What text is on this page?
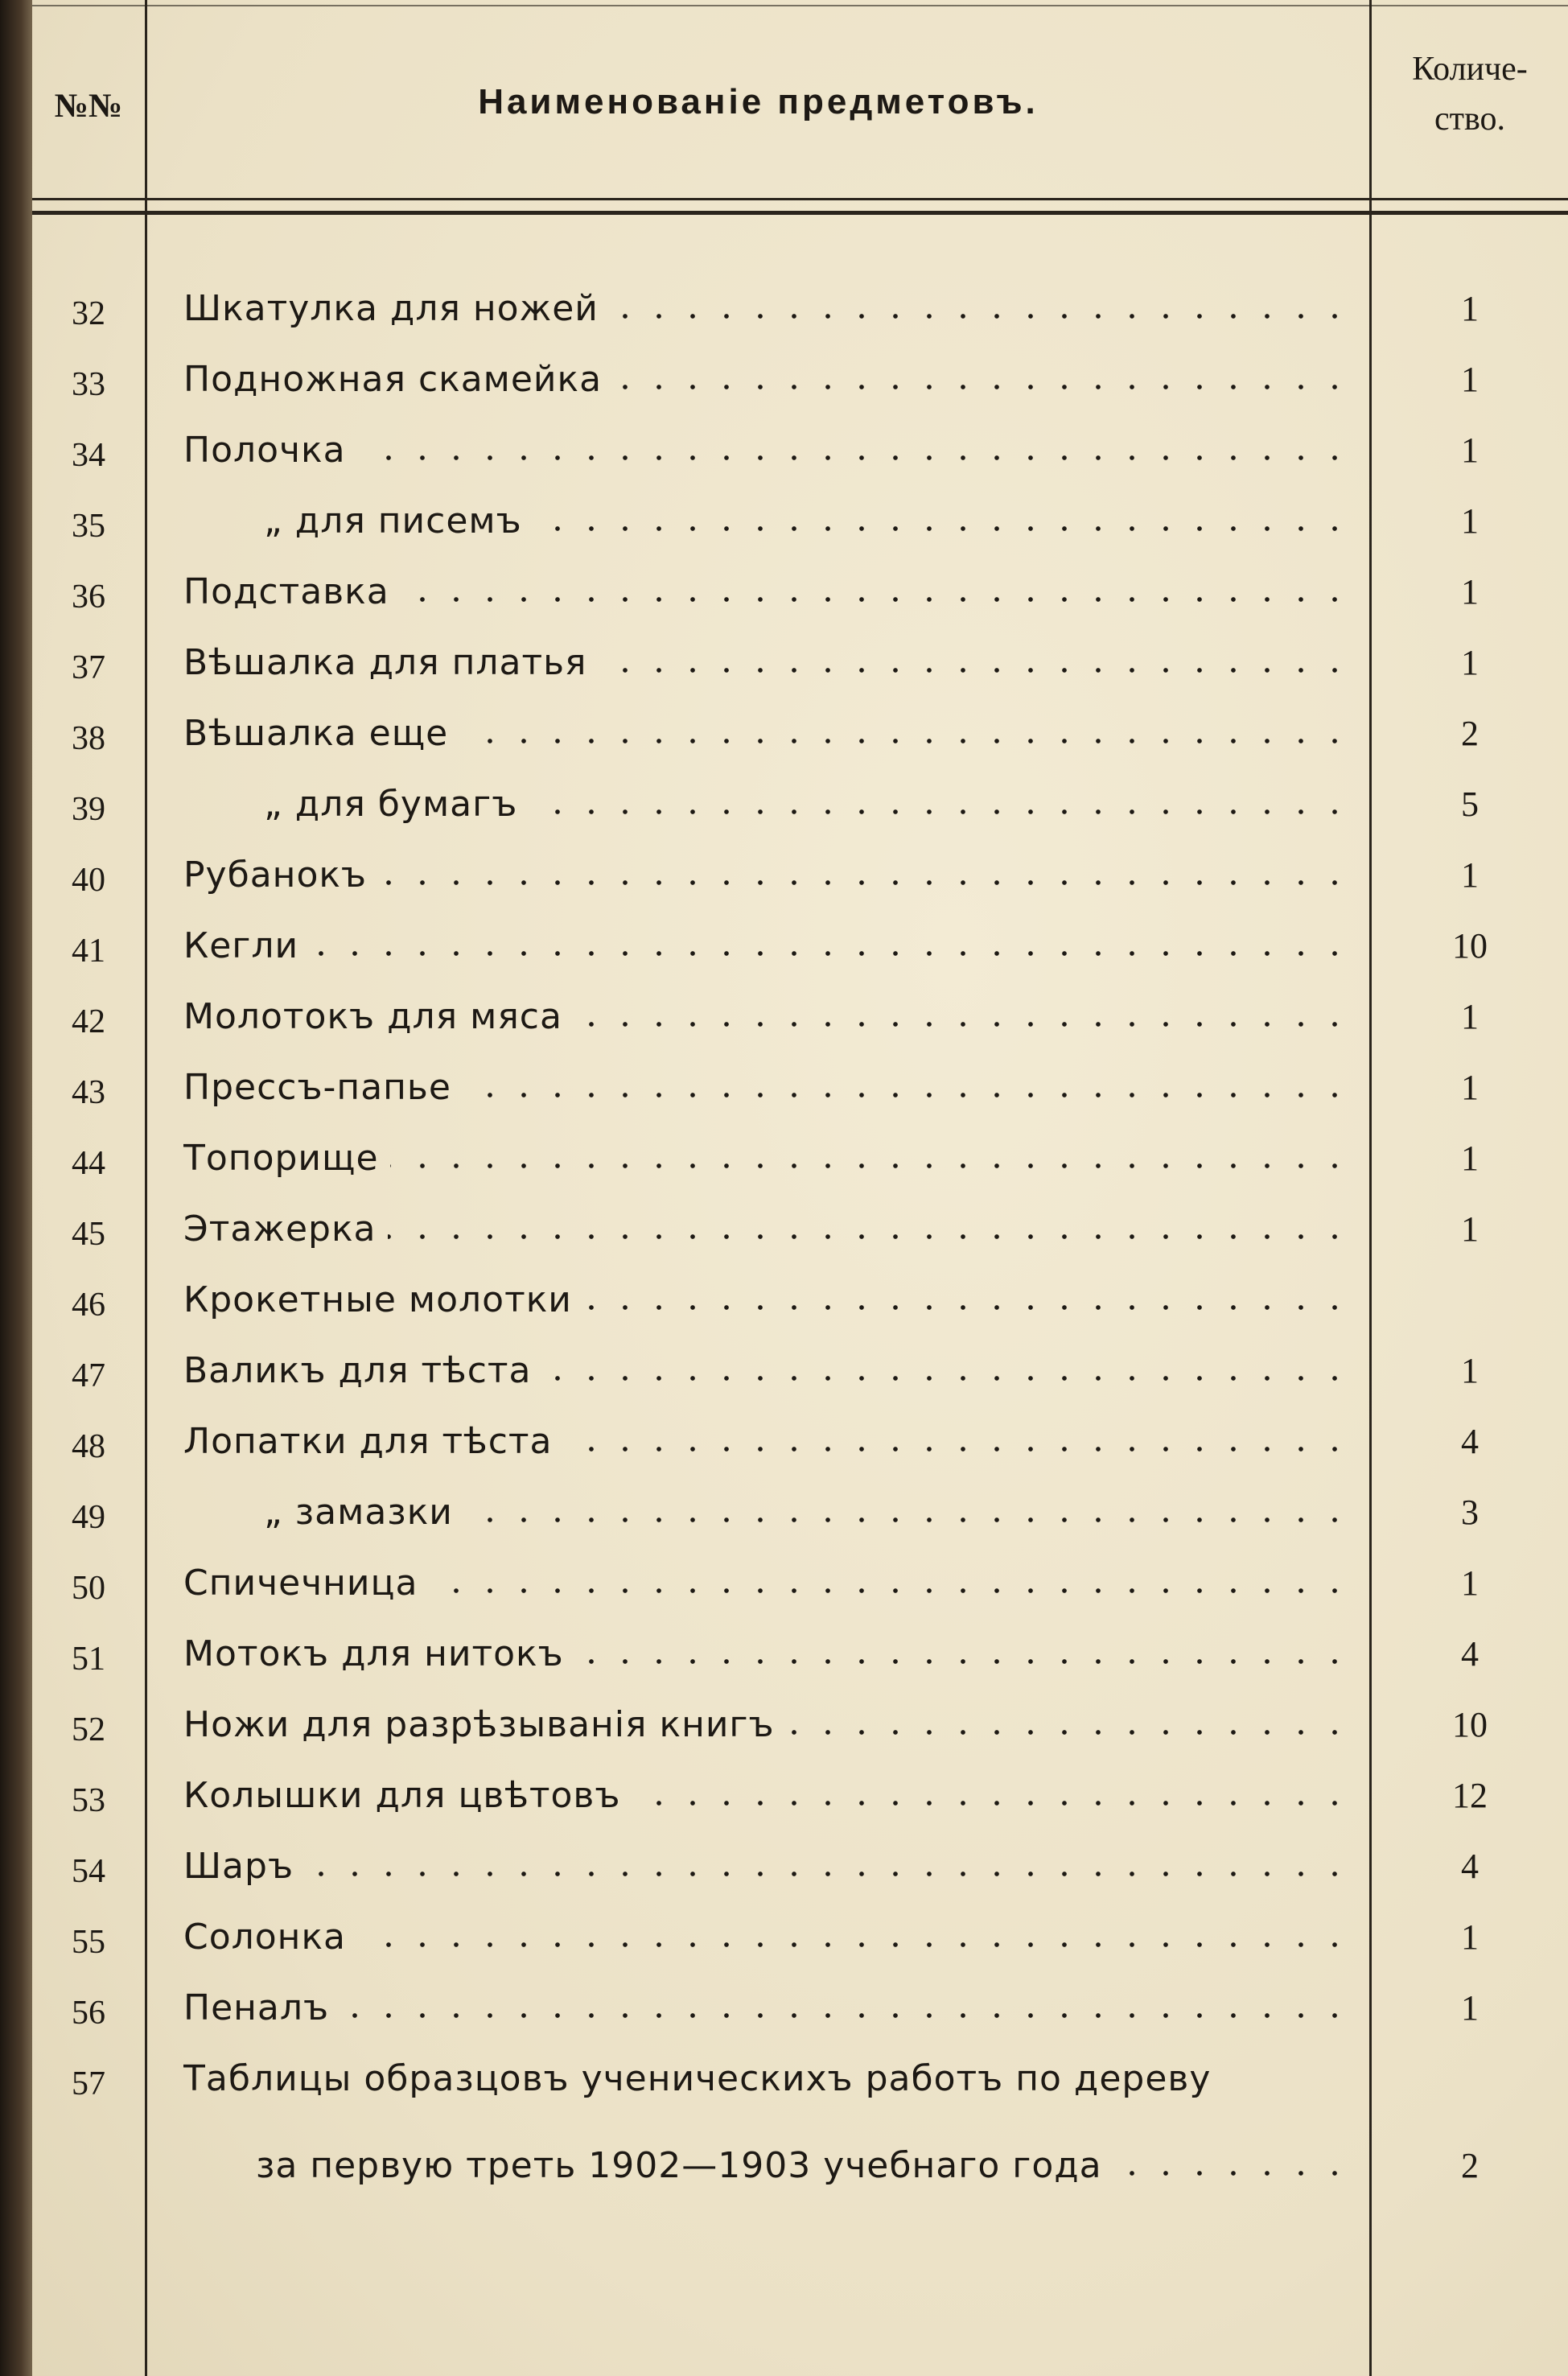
№№	Наименованіе предметовъ.
Количе-
ство.
32	Шкатулка для ножей	1
33	Подножная скамейка	1
34	Полочка	1
35	„ для писемъ	1
36	Подставка	1
37	Вѣшалка для платья	1
38	Вѣшалка еще	2
39	„ для бумагъ	5
40	Рубанокъ	1
41	Кегли	10
42	Молотокъ для мяса	1
43	Прессъ-папье	1
44	Топорище	1
45	Этажерка	1
46	Крокетные молотки
47	Валикъ для тѣста	1
48	Лопатки для тѣста	4
49	„ замазки	3
50	Спичечница	1
51	Мотокъ для нитокъ	4
52	Ножи для разрѣзыванія книгъ	10
53	Колышки для цвѣтовъ	12
54	Шаръ	4
55	Солонка	1
56	Пеналъ	1
57	Таблицы образцовъ ученическихъ работъ по дереву
за первую треть 1902—1903 учебнаго года	2
